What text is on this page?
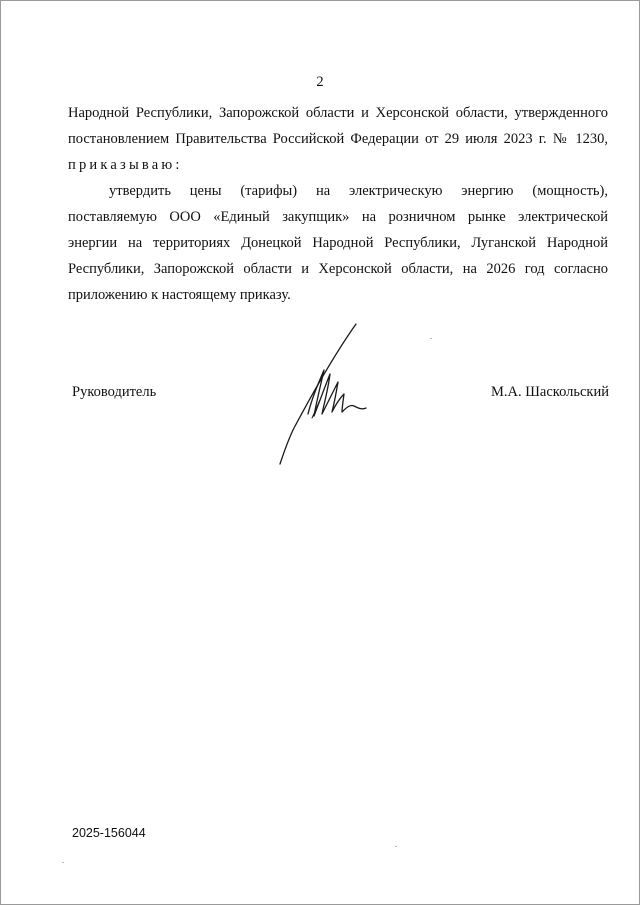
2
Народной Республики, Запорожской области и Херсонской области, утвержденного
постановлением Правительства Российской Федерации от 29 июля 2023 г. № 1230,
приказываю:
утвердить цены (тарифы) на электрическую энергию (мощность),
поставляемую ООО «Единый закупщик» на розничном рынке электрической
энергии на территориях Донецкой Народной Республики, Луганской Народной
Республики, Запорожской области и Херсонской области, на 2026 год согласно
приложению к настоящему приказу.
Руководитель	М.А. Шаскольский
2025-156044
